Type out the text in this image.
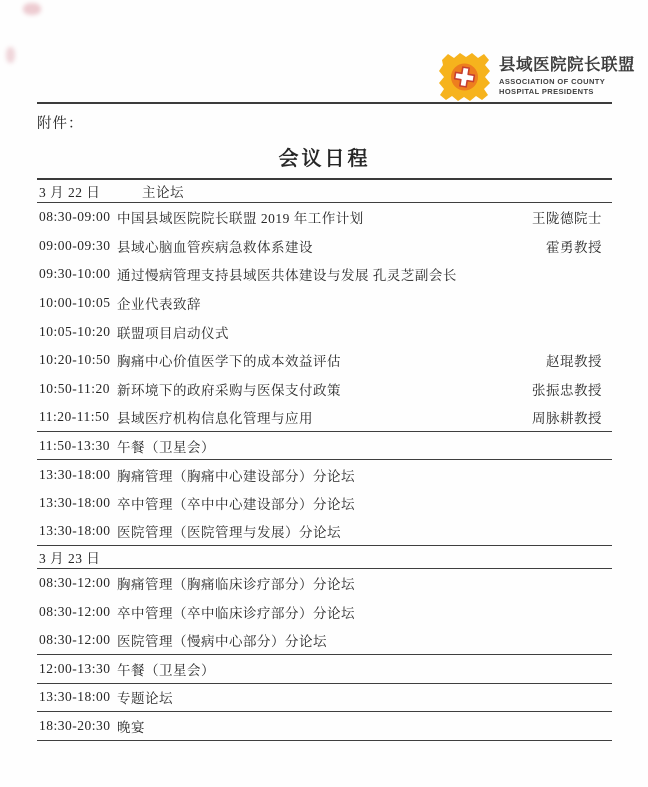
县域医院院长联盟
ASSOCIATION OF COUNTY
HOSPITAL PRESIDENTS
附件：
会议日程
3 月 22 日	主论坛
08:30-09:00 中国县域医院院长联盟 2019 年工作计划	王陇德院士
09:00-09:30 县域心脑血管疾病急救体系建设	霍勇教授
09:30-10:00 通过慢病管理支持县域医共体建设与发展 孔灵芝副会长
10:00-10:05 企业代表致辞
10:05-10:20 联盟项目启动仪式
10:20-10:50 胸痛中心价值医学下的成本效益评估	赵琨教授
10:50-11:20 新环境下的政府采购与医保支付政策	张振忠教授
11:20-11:50 县域医疗机构信息化管理与应用	周脉耕教授
11:50-13:30 午餐（卫星会）
13:30-18:00 胸痛管理（胸痛中心建设部分）分论坛
13:30-18:00 卒中管理（卒中中心建设部分）分论坛
13:30-18:00 医院管理（医院管理与发展）分论坛
3 月 23 日
08:30-12:00 胸痛管理（胸痛临床诊疗部分）分论坛
08:30-12:00 卒中管理（卒中临床诊疗部分）分论坛
08:30-12:00 医院管理（慢病中心部分）分论坛
12:00-13:30 午餐（卫星会）
13:30-18:00 专题论坛
18:30-20:30 晚宴
